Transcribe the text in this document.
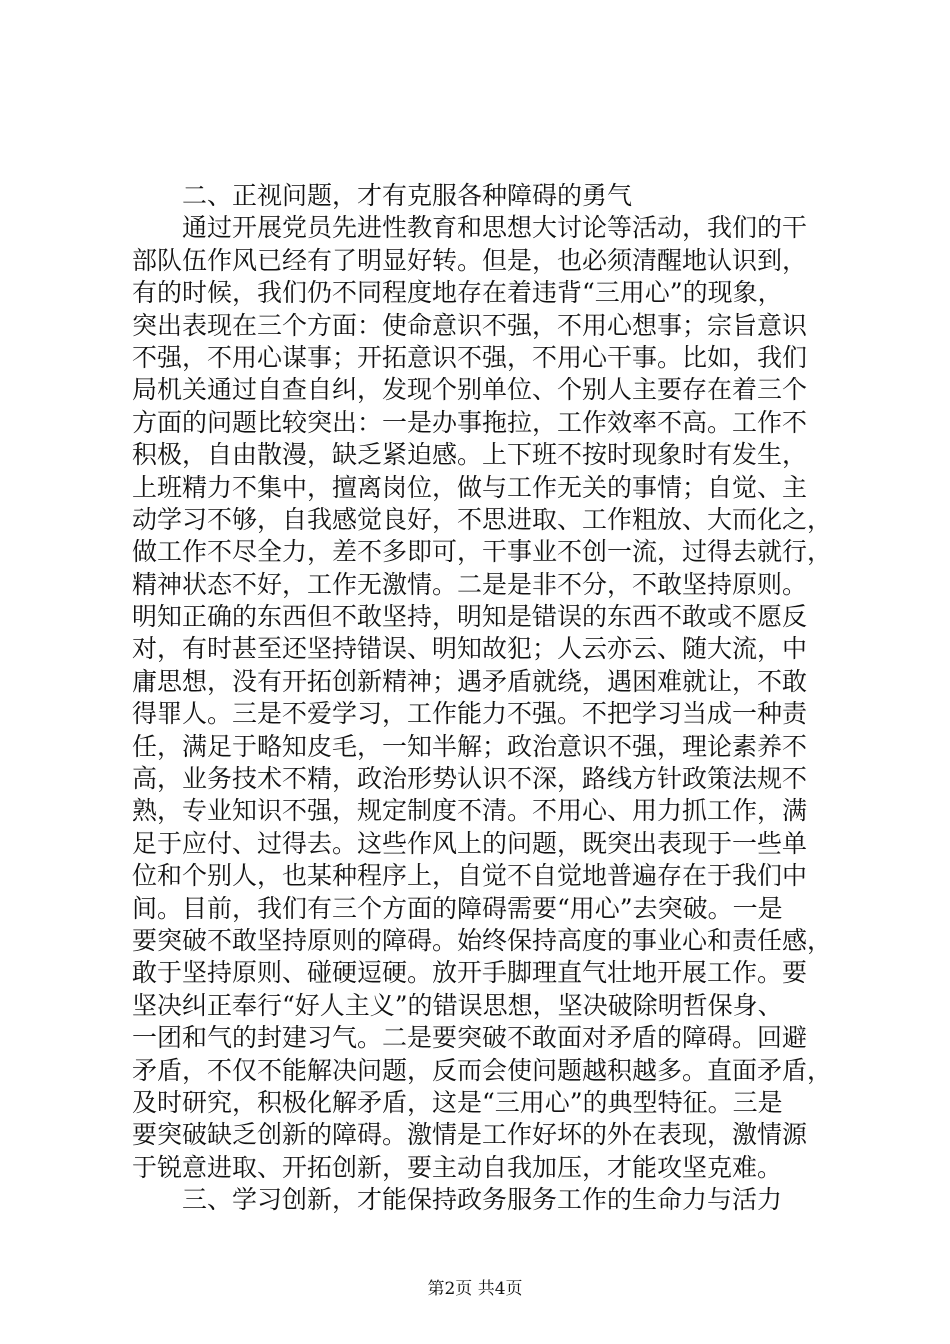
二、正视问题，才有克服各种障碍的勇气
通过开展党员先进性教育和思想大讨论等活动，我们的干
部队伍作风已经有了明显好转。但是，也必须清醒地认识到，
有的时候，我们仍不同程度地存在着违背“三用心”的现象，
突出表现在三个方面：使命意识不强，不用心想事；宗旨意识
不强，不用心谋事；开拓意识不强，不用心干事。比如，我们
局机关通过自查自纠，发现个别单位、个别人主要存在着三个
方面的问题比较突出：一是办事拖拉，工作效率不高。工作不
积极，自由散漫，缺乏紧迫感。上下班不按时现象时有发生，
上班精力不集中，擅离岗位，做与工作无关的事情；自觉、主
动学习不够，自我感觉良好，不思进取、工作粗放、大而化之，
做工作不尽全力，差不多即可，干事业不创一流，过得去就行，
精神状态不好，工作无激情。二是是非不分，不敢坚持原则。
明知正确的东西但不敢坚持，明知是错误的东西不敢或不愿反
对，有时甚至还坚持错误、明知故犯；人云亦云、随大流，中
庸思想，没有开拓创新精神；遇矛盾就绕，遇困难就让，不敢
得罪人。三是不爱学习，工作能力不强。不把学习当成一种责
任，满足于略知皮毛，一知半解；政治意识不强，理论素养不
高，业务技术不精，政治形势认识不深，路线方针政策法规不
熟，专业知识不强，规定制度不清。不用心、用力抓工作，满
足于应付、过得去。这些作风上的问题，既突出表现于一些单
位和个别人，也某种程序上，自觉不自觉地普遍存在于我们中
间。目前，我们有三个方面的障碍需要“用心”去突破。一是
要突破不敢坚持原则的障碍。始终保持高度的事业心和责任感，
敢于坚持原则、碰硬逗硬。放开手脚理直气壮地开展工作。要
坚决纠正奉行“好人主义”的错误思想，坚决破除明哲保身、
一团和气的封建习气。二是要突破不敢面对矛盾的障碍。回避
矛盾，不仅不能解决问题，反而会使问题越积越多。直面矛盾，
及时研究，积极化解矛盾，这是“三用心”的典型特征。三是
要突破缺乏创新的障碍。激情是工作好坏的外在表现，激情源
于锐意进取、开拓创新，要主动自我加压，才能攻坚克难。
三、学习创新，才能保持政务服务工作的生命力与活力
第2页 共4页
